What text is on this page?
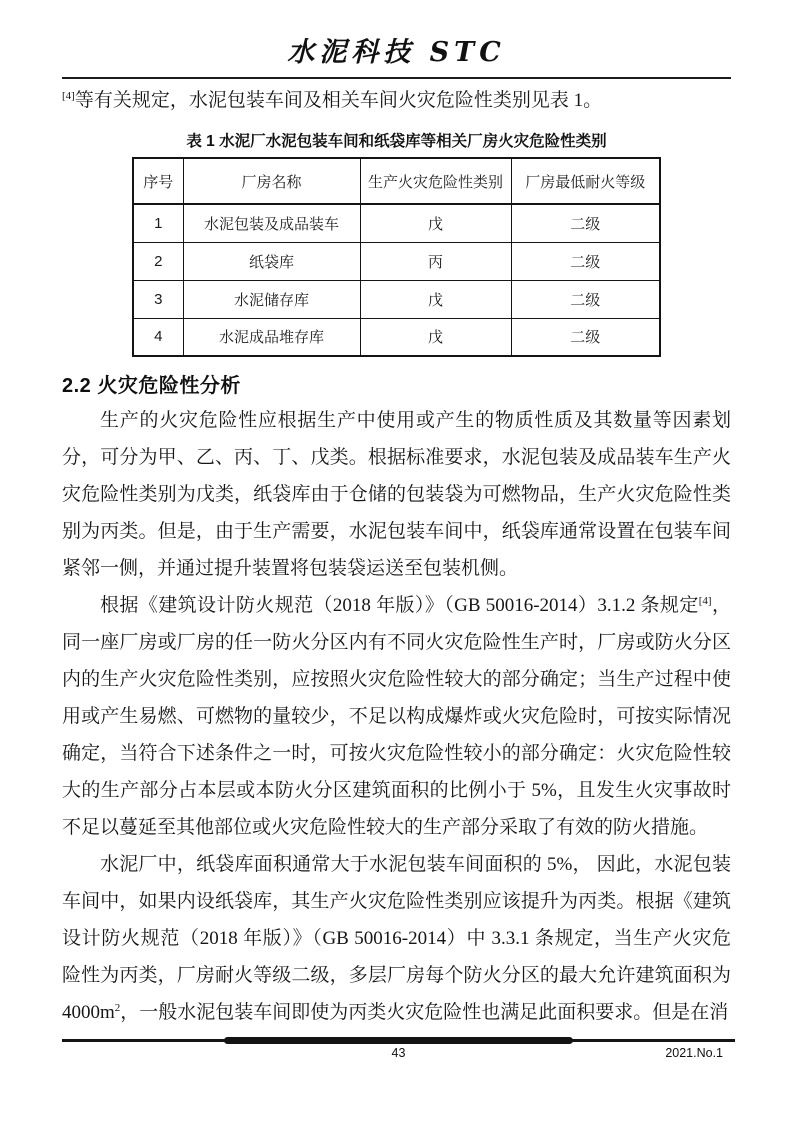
水泥科技 STC

[4]等有关规定，水泥包装车间及相关车间火灾危险性类别见表 1。

表 1 水泥厂水泥包装车间和纸袋库等相关厂房火灾危险性类别
序号	厂房名称	生产火灾危险性类别	厂房最低耐火等级
1	水泥包装及成品装车	戊	二级
2	纸袋库	丙	二级
3	水泥储存库	戊	二级
4	水泥成品堆存库	戊	二级
2.2 火灾危险性分析

生产的火灾危险性应根据生产中使用或产生的物质性质及其数量等因素划分，可分为甲、乙、丙、丁、戊类。根据标准要求，水泥包装及成品装车生产火灾危险性类别为戊类，纸袋库由于仓储的包装袋为可燃物品，生产火灾危险性类别为丙类。但是，由于生产需要，水泥包装车间中，纸袋库通常设置在包装车间紧邻一侧，并通过提升装置将包装袋运送至包装机侧。

根据《建筑设计防火规范（2018 年版）》（GB 50016-2014）3.1.2 条规定[4]，同一座厂房或厂房的任一防火分区内有不同火灾危险性生产时，厂房或防火分区内的生产火灾危险性类别，应按照火灾危险性较大的部分确定；当生产过程中使用或产生易燃、可燃物的量较少，不足以构成爆炸或火灾危险时，可按实际情况确定，当符合下述条件之一时，可按火灾危险性较小的部分确定：火灾危险性较大的生产部分占本层或本防火分区建筑面积的比例小于 5%，且发生火灾事故时不足以蔓延至其他部位或火灾危险性较大的生产部分采取了有效的防火措施。

水泥厂中，纸袋库面积通常大于水泥包装车间面积的 5%， 因此，水泥包装车间中，如果内设纸袋库，其生产火灾危险性类别应该提升为丙类。根据《建筑设计防火规范（2018 年版）》（GB 50016-2014）中 3.3.1 条规定，当生产火灾危险性为丙类，厂房耐火等级二级，多层厂房每个防火分区的最大允许建筑面积为$4000m^2$，一般水泥包装车间即使为丙类火灾危险性也满足此面积要求。但是在消

43	2021.No.1
